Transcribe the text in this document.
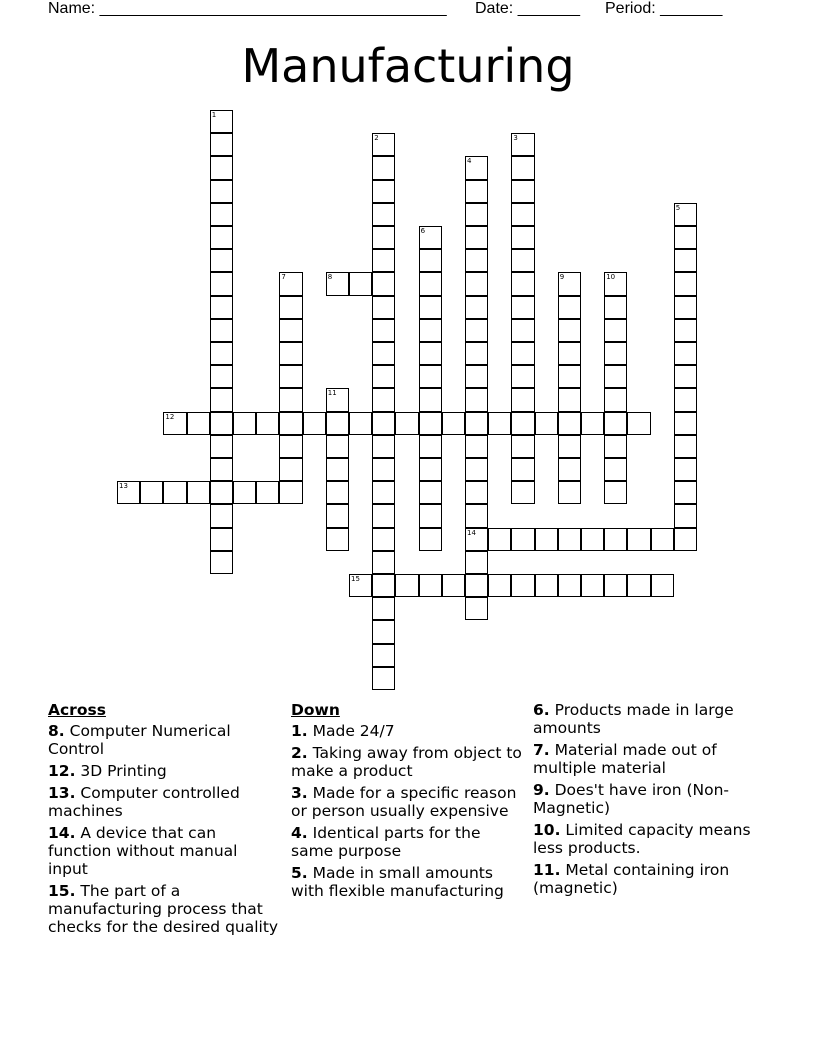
Name: _______________________________________ Date: _______ Period: _______
Manufacturing
1
2	3
4
14
5
6
7	8	9	10
11
12
13
15
Across
8. Computer Numerical Control
12. 3D Printing
13. Computer controlled machines
14. A device that can function without manual input
15. The part of a manufacturing process that checks for the desired quality
Down
1. Made 24/7
2. Taking away from object to make a product
3. Made for a specific reason or person usually expensive
4. Identical parts for the same purpose
5. Made in small amounts with flexible manufacturing
6. Products made in large amounts
7. Material made out of multiple material
9. Does't have iron (Non-Magnetic)
10. Limited capacity means less products.
11. Metal containing iron (magnetic)
